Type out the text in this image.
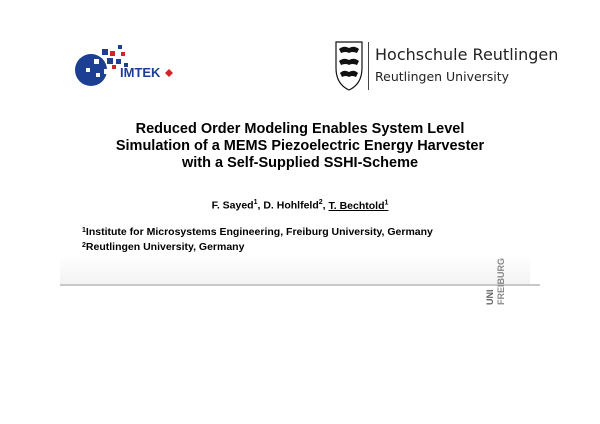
IMTEK
Hochschule Reutlingen
Reutlingen University
Reduced Order Modeling Enables System Level
Simulation of a MEMS Piezoelectric Energy Harvester
with a Self-Supplied SSHI-Scheme
F. Sayed$^1$, D. Hohlfeld$^2$, T. Bechtold$^1$
$^1$Institute for Microsystems Engineering, Freiburg University, Germany
$^2$Reutlingen University, Germany
UNI FREIBURG
